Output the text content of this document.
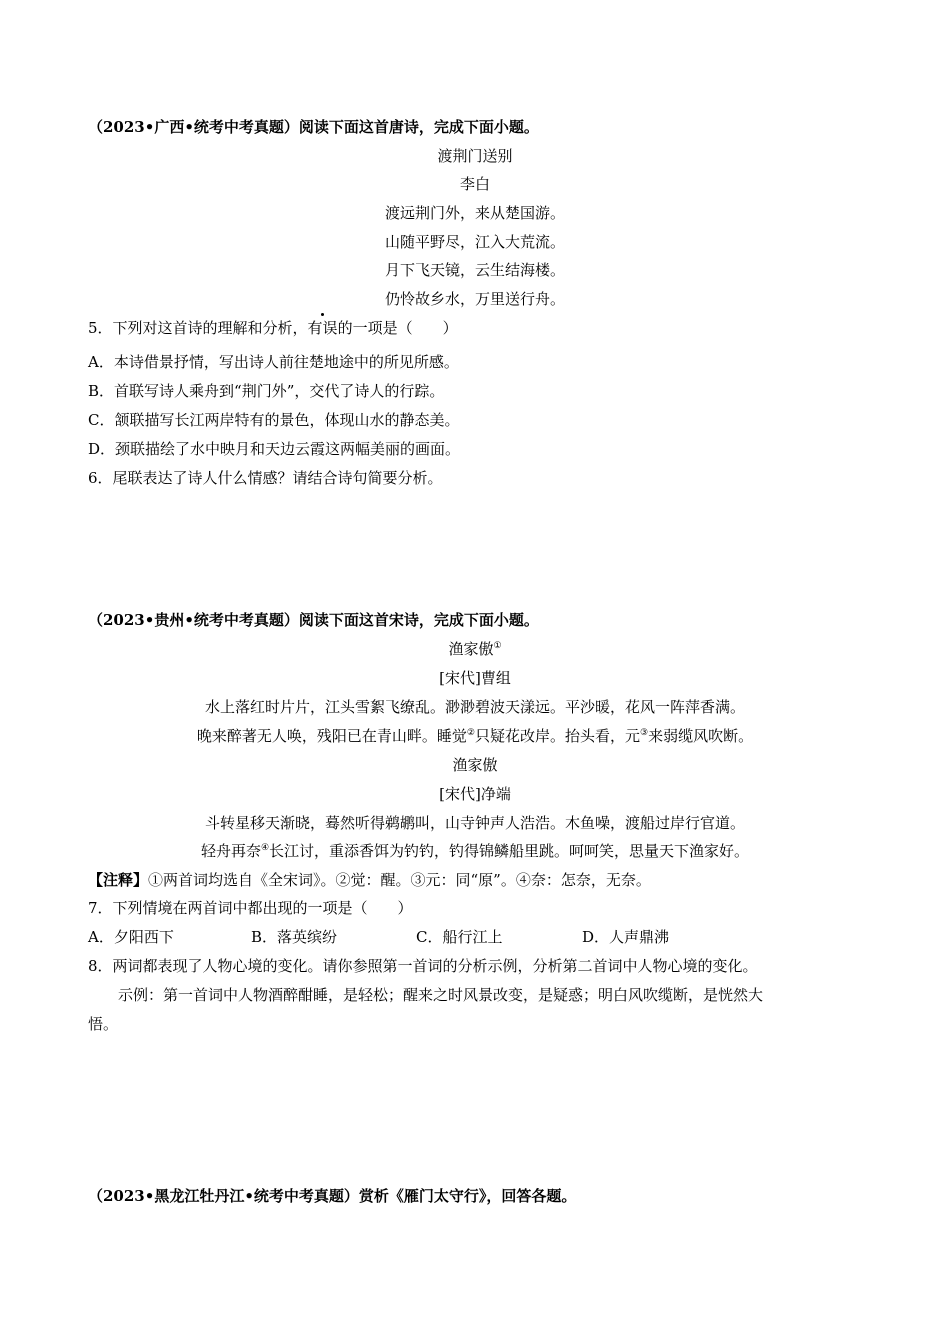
（2023•广西•统考中考真题）阅读下面这首唐诗，完成下面小题。
渡荆门送别
李白
渡远荆门外，来从楚国游。
山随平野尽，江入大荒流。
月下飞天镜，云生结海楼。
仍怜故乡水，万里送行舟。
5．下列对这首诗的理解和分析，有误的一项是（　　）
A．本诗借景抒情，写出诗人前往楚地途中的所见所感。
B．首联写诗人乘舟到“荆门外”，交代了诗人的行踪。
C．颔联描写长江两岸特有的景色，体现山水的静态美。
D．颈联描绘了水中映月和天边云霞这两幅美丽的画面。
6．尾联表达了诗人什么情感？请结合诗句简要分析。
（2023•贵州•统考中考真题）阅读下面这首宋诗，完成下面小题。
渔家傲①
[宋代]曹组
水上落红时片片，江头雪絮飞缭乱。渺渺碧波天漾远。平沙暖，花风一阵萍香满。
晚来醉著无人唤，残阳已在青山畔。睡觉②只疑花改岸。抬头看，元③来弱缆风吹断。
渔家傲
[宋代]净端
斗转星移天渐晓，蓦然听得鹈鹕叫，山寺钟声人浩浩。木鱼噪，渡船过岸行官道。
轻舟再奈④长江讨，重添香饵为钓钓，钓得锦鳞船里跳。呵呵笑，思量天下渔家好。
【注释】①两首词均选自《全宋词》。②觉：醒。③元：同“原”。④奈：怎奈，无奈。
7．下列情境在两首词中都出现的一项是（　　）
A．夕阳西下	B．落英缤纷	C．船行江上	D．人声鼎沸
8．两词都表现了人物心境的变化。请你参照第一首词的分析示例，分析第二首词中人物心境的变化。
示例：第一首词中人物酒醉酣睡，是轻松；醒来之时风景改变，是疑惑；明白风吹缆断，是恍然大
悟。
（2023•黑龙江牡丹江•统考中考真题）赏析《雁门太守行》，回答各题。
